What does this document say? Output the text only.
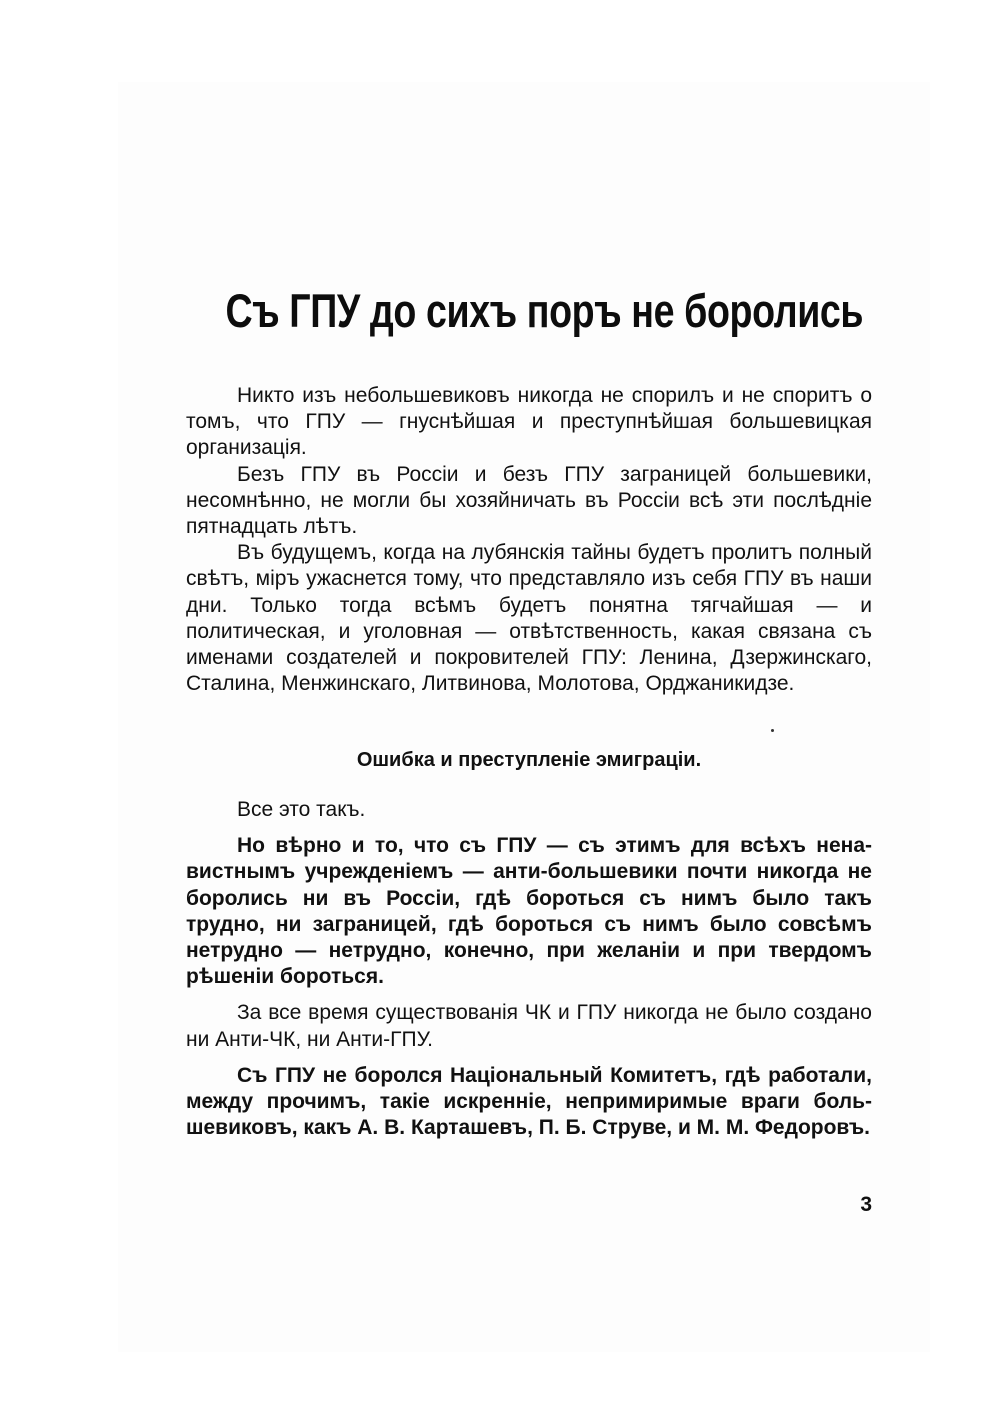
Съ ГПУ до сихъ поръ не боролись

Никто изъ небольшевиковъ никогда не спорилъ и не споритъ о томъ, что ГПУ — гнуснѣйшая и преступнѣйшая большевицкая организація.

Безъ ГПУ въ Россіи и безъ ГПУ заграницей большевики, несомнѣнно, не могли бы хозяйничать въ Россіи всѣ эти послѣдніе пятнадцать лѣтъ.

Въ будущемъ, когда на лубянскія тайны будетъ пролитъ полный свѣтъ, міръ ужаснется тому, что представляло изъ себя ГПУ въ наши дни. Только тогда всѣмъ будетъ понятна тягчайшая — и политическая, и уголовная — отвѣтственность, какая связана съ именами создателей и покровителей ГПУ: Ленина, Дзержинскаго, Сталина, Менжинскаго, Литвинова, Молотова, Орджаникидзе.

Ошибка и преступленіе эмиграціи.

Все это такъ.

Но вѣрно и то, что съ ГПУ — съ этимъ для всѣхъ ненавистнымъ учрежденіемъ — анти-большевики почти никогда не боролись ни въ Россіи, гдѣ бороться съ нимъ было такъ трудно, ни заграницей, гдѣ бороться съ нимъ было совсѣмъ нетрудно — нетрудно, конечно, при желаніи и при твердомъ рѣшеніи бороться.

За все время существованія ЧК и ГПУ никогда не было создано ни Анти-ЧК, ни Анти-ГПУ.

Съ ГПУ не боролся Національный Комитетъ, гдѣ работали, между прочимъ, такіе искренніе, непримиримые враги большевиковъ, какъ А. В. Карташевъ, П. Б. Струве, и М. М. Федоровъ.

3
